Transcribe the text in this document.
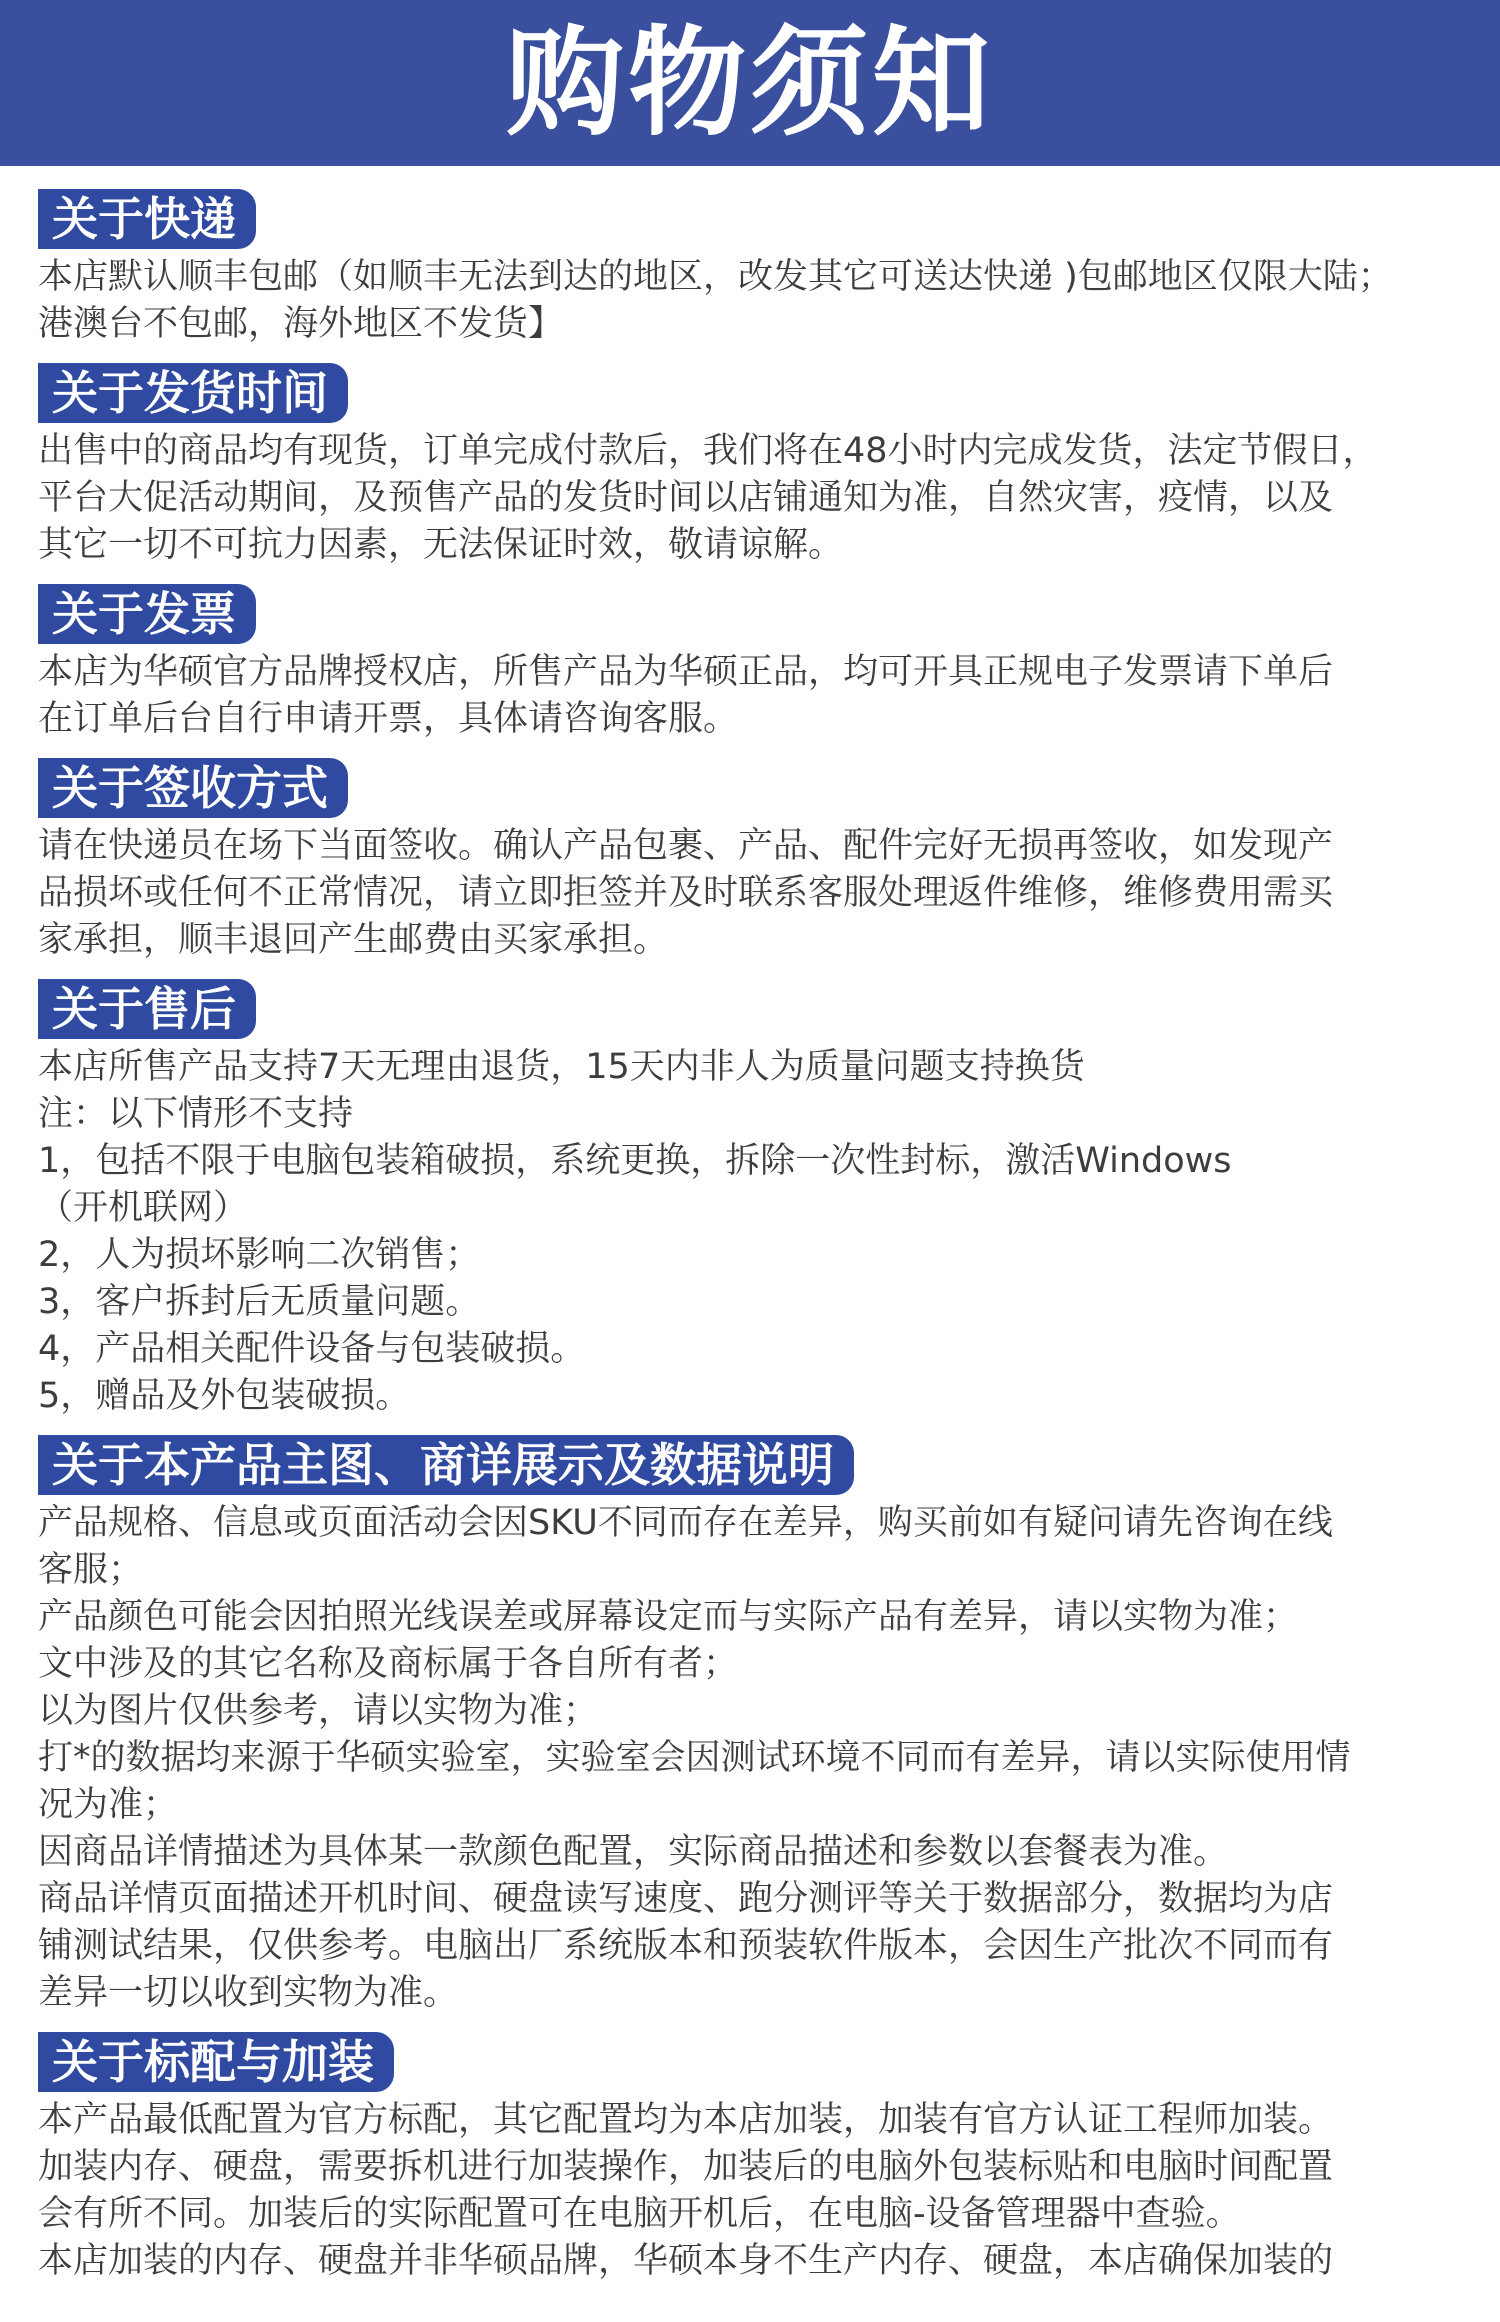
购物须知
关于快递
本店默认顺丰包邮（如顺丰无法到达的地区，改发其它可送达快递 )包邮地区仅限大陆；
港澳台不包邮，海外地区不发货】
关于发货时间
出售中的商品均有现货，订单完成付款后，我们将在48小时内完成发货，法定节假日，
平台大促活动期间，及预售产品的发货时间以店铺通知为准，自然灾害，疫情，以及
其它一切不可抗力因素，无法保证时效，敬请谅解。
关于发票
本店为华硕官方品牌授权店，所售产品为华硕正品，均可开具正规电子发票请下单后
在订单后台自行申请开票，具体请咨询客服。
关于签收方式
请在快递员在场下当面签收。确认产品包裹、产品、配件完好无损再签收，如发现产
品损坏或任何不正常情况，请立即拒签并及时联系客服处理返件维修，维修费用需买
家承担，顺丰退回产生邮费由买家承担。
关于售后
本店所售产品支持7天无理由退货，15天内非人为质量问题支持换货
注：以下情形不支持
1，包括不限于电脑包装箱破损，系统更换，拆除一次性封标，激活Windows
（开机联网）
2，人为损坏影响二次销售；
3，客户拆封后无质量问题。
4，产品相关配件设备与包装破损。
5，赠品及外包装破损。
关于本产品主图、商详展示及数据说明
产品规格、信息或页面活动会因SKU不同而存在差异，购买前如有疑问请先咨询在线
客服；
产品颜色可能会因拍照光线误差或屏幕设定而与实际产品有差异，请以实物为准；
文中涉及的其它名称及商标属于各自所有者；
以为图片仅供参考，请以实物为准；
打*的数据均来源于华硕实验室，实验室会因测试环境不同而有差异，请以实际使用情
况为准；
因商品详情描述为具体某一款颜色配置，实际商品描述和参数以套餐表为准。
商品详情页面描述开机时间、硬盘读写速度、跑分测评等关于数据部分，数据均为店
铺测试结果，仅供参考。电脑出厂系统版本和预装软件版本，会因生产批次不同而有
差异一切以收到实物为准。
关于标配与加装
本产品最低配置为官方标配，其它配置均为本店加装，加装有官方认证工程师加装。
加装内存、硬盘，需要拆机进行加装操作，加装后的电脑外包装标贴和电脑时间配置
会有所不同。加装后的实际配置可在电脑开机后，在电脑-设备管理器中查验。
本店加装的内存、硬盘并非华硕品牌，华硕本身不生产内存、硬盘，本店确保加装的
